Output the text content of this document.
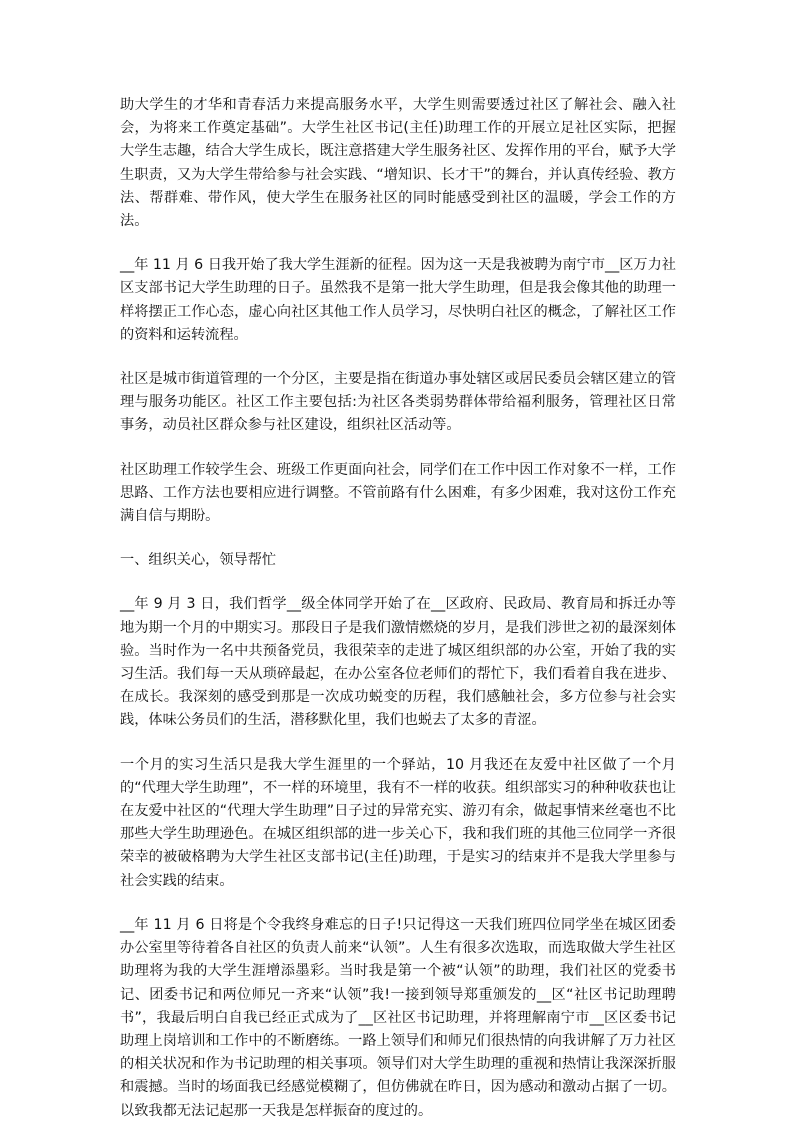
助大学生的才华和青春活力来提高服务水平，大学生则需要透过社区了解社会、融入社会，为将来工作奠定基础”。大学生社区书记(主任)助理工作的开展立足社区实际，把握大学生志趣，结合大学生成长，既注意搭建大学生服务社区、发挥作用的平台，赋予大学生职责，又为大学生带给参与社会实践、“增知识、长才干”的舞台，并认真传经验、教方法、帮群难、带作风，使大学生在服务社区的同时能感受到社区的温暖，学会工作的方法。

__年 11 月 6 日我开始了我大学生涯新的征程。因为这一天是我被聘为南宁市__区万力社区支部书记大学生助理的日子。虽然我不是第一批大学生助理，但是我会像其他的助理一样将摆正工作心态，虚心向社区其他工作人员学习，尽快明白社区的概念，了解社区工作的资料和运转流程。

社区是城市街道管理的一个分区，主要是指在街道办事处辖区或居民委员会辖区建立的管理与服务功能区。社区工作主要包括:为社区各类弱势群体带给福利服务，管理社区日常事务，动员社区群众参与社区建设，组织社区活动等。

社区助理工作较学生会、班级工作更面向社会，同学们在工作中因工作对象不一样，工作思路、工作方法也要相应进行调整。不管前路有什么困难，有多少困难，我对这份工作充满自信与期盼。

一、组织关心，领导帮忙

__年 9 月 3 日，我们哲学__级全体同学开始了在__区政府、民政局、教育局和拆迁办等地为期一个月的中期实习。那段日子是我们激情燃烧的岁月，是我们涉世之初的最深刻体验。当时作为一名中共预备党员，我很荣幸的走进了城区组织部的办公室，开始了我的实习生活。我们每一天从琐碎最起，在办公室各位老师们的帮忙下，我们看着自我在进步、在成长。我深刻的感受到那是一次成功蜕变的历程，我们感触社会，多方位参与社会实践，体味公务员们的生活，潜移默化里，我们也蜕去了太多的青涩。

一个月的实习生活只是我大学生涯里的一个驿站，10 月我还在友爱中社区做了一个月的“代理大学生助理”，不一样的环境里，我有不一样的收获。组织部实习的种种收获也让在友爱中社区的“代理大学生助理”日子过的异常充实、游刃有余，做起事情来丝毫也不比那些大学生助理逊色。在城区组织部的进一步关心下，我和我们班的其他三位同学一齐很荣幸的被破格聘为大学生社区支部书记(主任)助理，于是实习的结束并不是我大学里参与社会实践的结束。

__年 11 月 6 日将是个令我终身难忘的日子!只记得这一天我们班四位同学坐在城区团委办公室里等待着各自社区的负责人前来“认领”。人生有很多次选取，而选取做大学生社区助理将为我的大学生涯增添墨彩。当时我是第一个被“认领”的助理，我们社区的党委书记、团委书记和两位师兄一齐来“认领”我!一接到领导郑重颁发的__区“社区书记助理聘书”，我最后明白自我已经正式成为了__区社区书记助理，并将理解南宁市__区区委书记助理上岗培训和工作中的不断磨练。一路上领导们和师兄们很热情的向我讲解了万力社区的相关状况和作为书记助理的相关事项。领导们对大学生助理的重视和热情让我深深折服和震撼。当时的场面我已经感觉模糊了，但仿佛就在昨日，因为感动和激动占据了一切。以致我都无法记起那一天我是怎样振奋的度过的。
